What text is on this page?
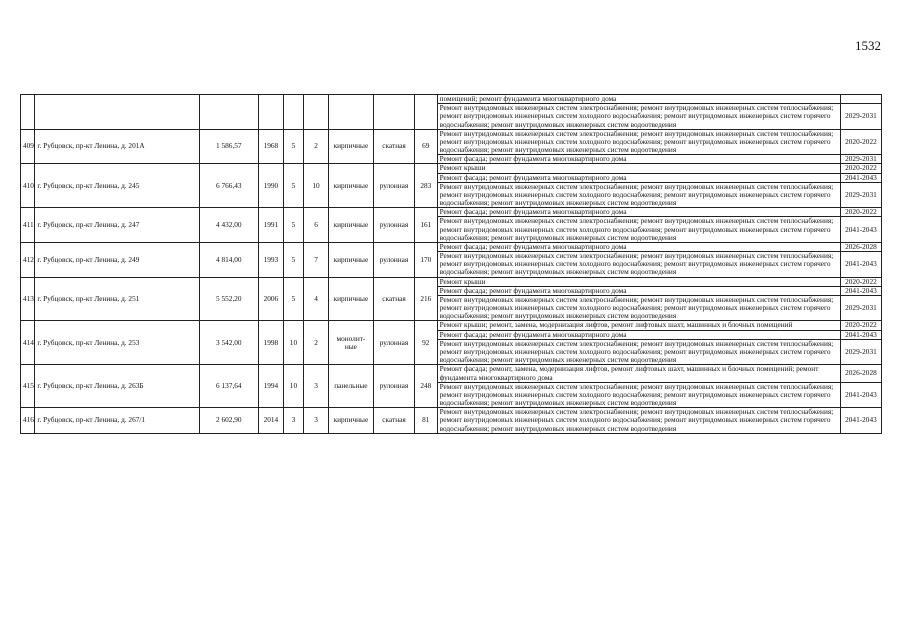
1532
									помещений; ремонт фундамента многоквартирного дома	
									Ремонт внутридомовых инженерных систем электроснабжения; ремонт внутридомовых инженерных систем теплоснабжения; ремонт внутридомовых инженерных систем холодного водоснабжения; ремонт внутридомовых инженерных систем горячего водоснабжения; ремонт внутридомовых инженерных систем водоотведения	2029-2031
409	г. Рубцовск, пр-кт Ленина, д. 201А	1 586,57	1968	5	2	кирпичные	скатная	69	Ремонт внутридомовых инженерных систем электроснабжения; ремонт внутридомовых инженерных систем теплоснабжения; ремонт внутридомовых инженерных систем холодного водоснабжения; ремонт внутридомовых инженерных систем горячего водоснабжения; ремонт внутридомовых инженерных систем водоотведения	2020-2022
									Ремонт фасада; ремонт фундамента многоквартирного дома	2029-2031
410	г. Рубцовск, пр-кт Ленина, д. 245	6 766,43	1990	5	10	кирпичные	рулонная	283	Ремонт крыши	2020-2022
									Ремонт фасада; ремонт фундамента многоквартирного дома	2041-2043
									Ремонт внутридомовых инженерных систем электроснабжения; ремонт внутридомовых инженерных систем теплоснабжения; ремонт внутридомовых инженерных систем холодного водоснабжения; ремонт внутридомовых инженерных систем горячего водоснабжения; ремонт внутридомовых инженерных систем водоотведения	2029-2031
411	г. Рубцовск, пр-кт Ленина, д. 247	4 432,00	1991	5	6	кирпичные	рулонная	161	Ремонт фасада; ремонт фундамента многоквартирного дома	2020-2022
									Ремонт внутридомовых инженерных систем электроснабжения; ремонт внутридомовых инженерных систем теплоснабжения; ремонт внутридомовых инженерных систем холодного водоснабжения; ремонт внутридомовых инженерных систем горячего водоснабжения; ремонт внутридомовых инженерных систем водоотведения	2041-2043
412	г. Рубцовск, пр-кт Ленина, д. 249	4 814,00	1993	5	7	кирпичные	рулонная	170	Ремонт фасада; ремонт фундамента многоквартирного дома	2026-2028
									Ремонт внутридомовых инженерных систем электроснабжения; ремонт внутридомовых инженерных систем теплоснабжения; ремонт внутридомовых инженерных систем холодного водоснабжения; ремонт внутридомовых инженерных систем горячего водоснабжения; ремонт внутридомовых инженерных систем водоотведения	2041-2043
413	г. Рубцовск, пр-кт Ленина, д. 251	5 552,20	2006	5	4	кирпичные	скатная	216	Ремонт крыши	2020-2022
									Ремонт фасада; ремонт фундамента многоквартирного дома	2041-2043
									Ремонт внутридомовых инженерных систем электроснабжения; ремонт внутридомовых инженерных систем теплоснабжения; ремонт внутридомовых инженерных систем холодного водоснабжения; ремонт внутридомовых инженерных систем горячего водоснабжения; ремонт внутридомовых инженерных систем водоотведения	2029-2031
414	г. Рубцовск, пр-кт Ленина, д. 253	3 542,00	1998	10	2	монолит-ные	рулонная	92	Ремонт крыши; ремонт, замена, модернизация лифтов, ремонт лифтовых шахт, машинных и блочных помещений	2020-2022
									Ремонт фасада; ремонт фундамента многоквартирного дома	2041-2043
									Ремонт внутридомовых инженерных систем электроснабжения; ремонт внутридомовых инженерных систем теплоснабжения; ремонт внутридомовых инженерных систем холодного водоснабжения; ремонт внутридомовых инженерных систем горячего водоснабжения; ремонт внутридомовых инженерных систем водоотведения	2029-2031
415	г. Рубцовск, пр-кт Ленина, д. 263Б	6 137,64	1994	10	3	панельные	рулонная	248	Ремонт фасада; ремонт, замена, модернизация лифтов, ремонт лифтовых шахт, машинных и блочных помещений; ремонт фундамента многоквартирного дома	2026-2028
									Ремонт внутридомовых инженерных систем электроснабжения; ремонт внутридомовых инженерных систем теплоснабжения; ремонт внутридомовых инженерных систем холодного водоснабжения; ремонт внутридомовых инженерных систем горячего водоснабжения; ремонт внутридомовых инженерных систем водоотведения	2041-2043
416	г. Рубцовск, пр-кт Ленина, д. 267/1	2 602,90	2014	3	3	кирпичные	скатная	81	Ремонт внутридомовых инженерных систем электроснабжения; ремонт внутридомовых инженерных систем теплоснабжения; ремонт внутридомовых инженерных систем холодного водоснабжения; ремонт внутридомовых инженерных систем горячего водоснабжения; ремонт внутридомовых инженерных систем водоотведения	2041-2043
